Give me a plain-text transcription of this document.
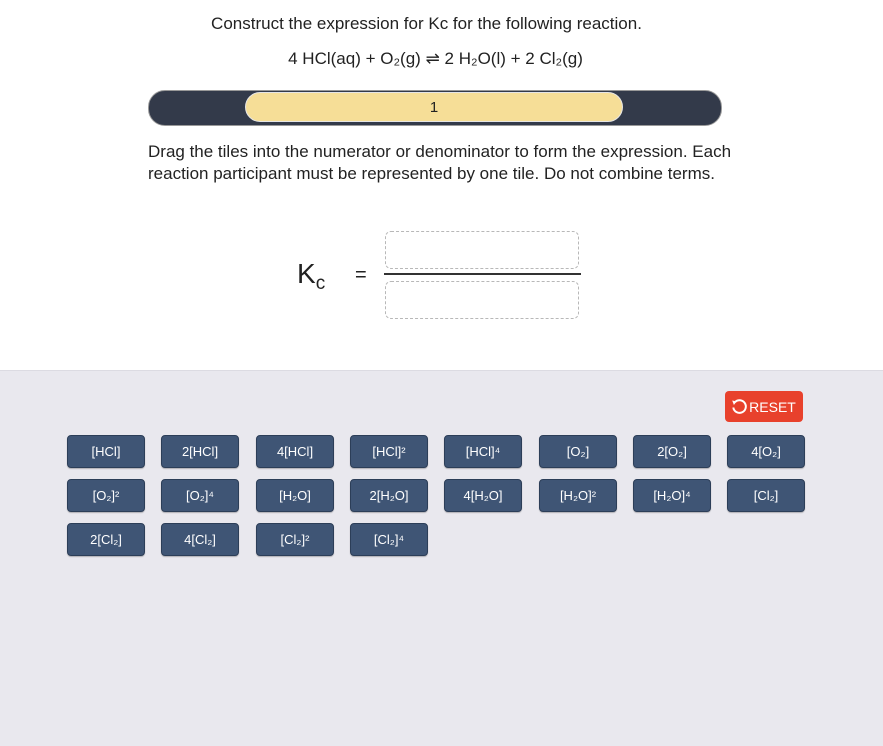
Construct the expression for Kc for the following reaction.
4 HCl(aq) + O₂(g) ⇌ 2 H₂O(l) + 2 Cl₂(g)
1
Drag the tiles into the numerator or denominator to form the expression. Each reaction participant must be represented by one tile. Do not combine terms.
$K_c$ =
RESET
[HCl]	2[HCl]	4[HCl]	[HCl]²	[HCl]⁴	[O₂]	2[O₂]	4[O₂]
[O₂]²	[O₂]⁴	[H₂O]	2[H₂O]	4[H₂O]	[H₂O]²	[H₂O]⁴	[Cl₂]
2[Cl₂]	4[Cl₂]	[Cl₂]²	[Cl₂]⁴
